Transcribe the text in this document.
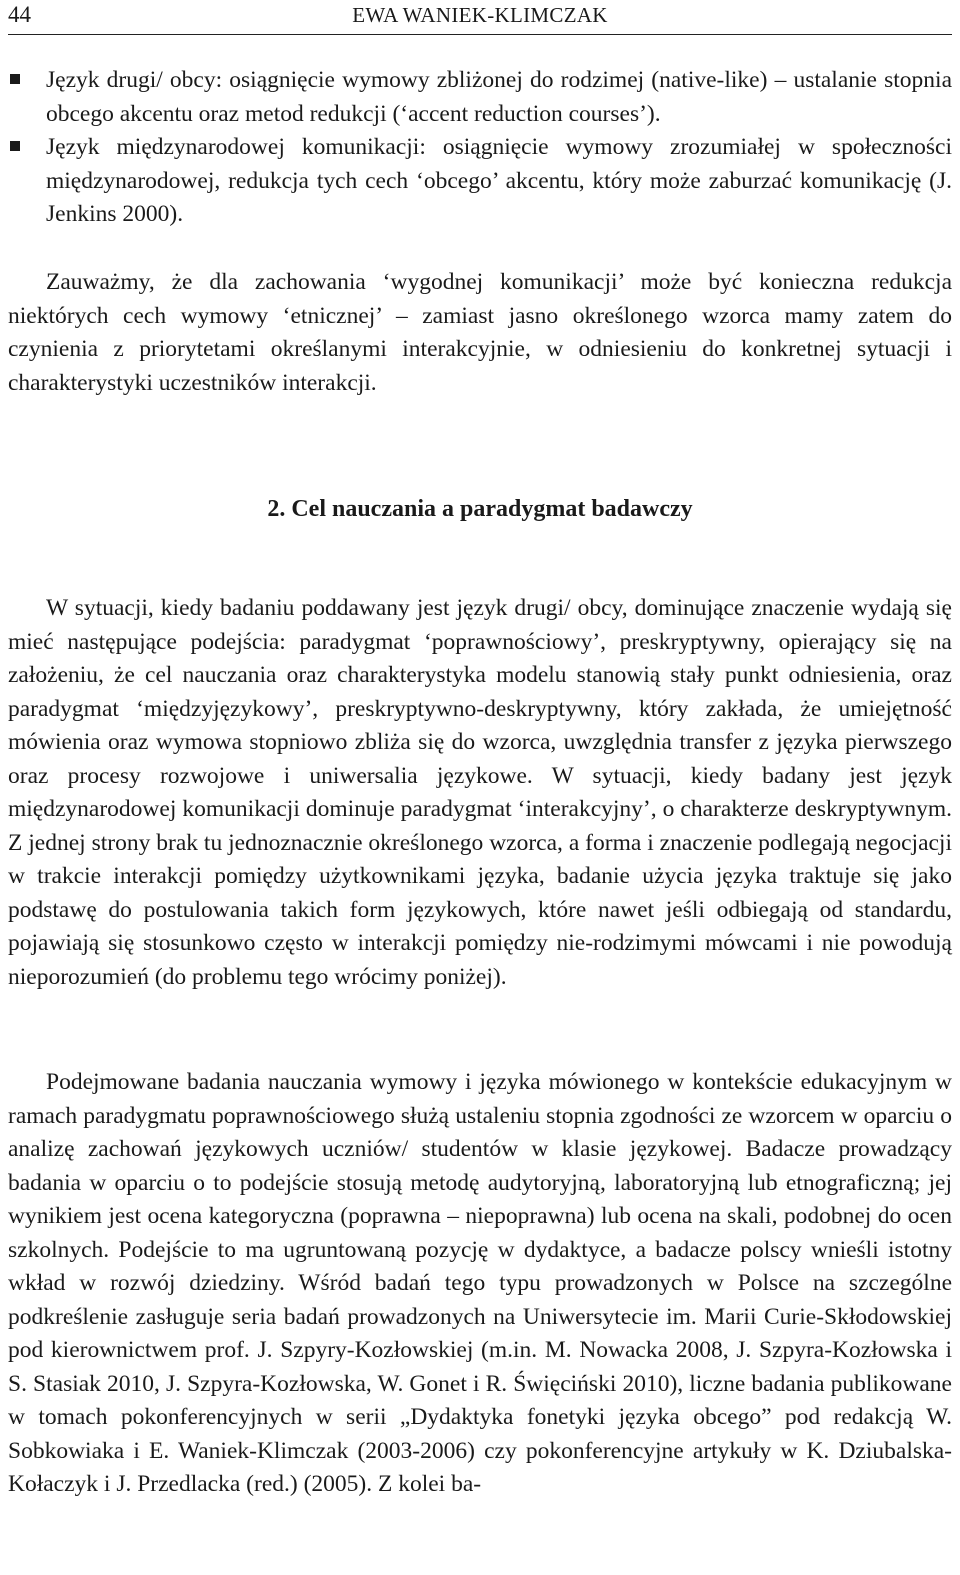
44	EWA WANIEK-KLIMCZAK
Język drugi/ obcy: osiągnięcie wymowy zbliżonej do rodzimej (native-like) – ustalanie stopnia obcego akcentu oraz metod redukcji (‘accent reduction courses’).
Język międzynarodowej komunikacji: osiągnięcie wymowy zrozumiałej w społeczności międzynarodowej, redukcja tych cech ‘obcego’ akcentu, który może zaburzać komunikację (J. Jenkins 2000).

Zauważmy, że dla zachowania ‘wygodnej komunikacji’ może być konieczna redukcja niektórych cech wymowy ‘etnicznej’ – zamiast jasno określonego wzorca mamy zatem do czynienia z priorytetami określanymi interakcyjnie, w odniesieniu do konkretnej sytuacji i charakterystyki uczestników interakcji.

2. Cel nauczania a paradygmat badawczy

W sytuacji, kiedy badaniu poddawany jest język drugi/ obcy, dominujące znaczenie wydają się mieć następujące podejścia: paradygmat ‘poprawnościowy’, preskryptywny, opierający się na założeniu, że cel nauczania oraz charakterystyka modelu stanowią stały punkt odniesienia, oraz paradygmat ‘międzyjęzykowy’, preskryptywno-deskryptywny, który zakłada, że umiejętność mówienia oraz wymowa stopniowo zbliża się do wzorca, uwzględnia transfer z języka pierwszego oraz procesy rozwojowe i uniwersalia językowe. W sytuacji, kiedy badany jest język międzynarodowej komunikacji dominuje paradygmat ‘interakcyjny’, o charakterze deskryptywnym. Z jednej strony brak tu jednoznacznie określonego wzorca, a forma i znaczenie podlegają negocjacji w trakcie interakcji pomiędzy użytkownikami języka, badanie użycia języka traktuje się jako podstawę do postulowania takich form językowych, które nawet jeśli odbiegają od standardu, pojawiają się stosunkowo często w interakcji pomiędzy nie-rodzimymi mówcami i nie powodują nieporozumień (do problemu tego wrócimy poniżej).

Podejmowane badania nauczania wymowy i języka mówionego w kontekście edukacyjnym w ramach paradygmatu poprawnościowego służą ustaleniu stopnia zgodności ze wzorcem w oparciu o analizę zachowań językowych uczniów/ studentów w klasie językowej. Badacze prowadzący badania w oparciu o to podejście stosują metodę audytoryjną, laboratoryjną lub etnograficzną; jej wynikiem jest ocena kategoryczna (poprawna – niepoprawna) lub ocena na skali, podobnej do ocen szkolnych. Podejście to ma ugruntowaną pozycję w dydaktyce, a badacze polscy wnieśli istotny wkład w rozwój dziedziny. Wśród badań tego typu prowadzonych w Polsce na szczególne podkreślenie zasługuje seria badań prowadzonych na Uniwersytecie im. Marii Curie-Skłodowskiej pod kierownictwem prof. J. Szpyry-Kozłowskiej (m.in. M. Nowacka 2008, J. Szpyra-Kozłowska i S. Stasiak 2010, J. Szpyra-Kozłowska, W. Gonet i R. Święciński 2010), liczne badania publikowane w tomach pokonferencyjnych w serii „Dydaktyka fonetyki języka obcego” pod redakcją W. Sobkowiaka i E. Waniek-Klimczak (2003-2006) czy pokonferencyjne artykuły w K. Dziubalska-Kołaczyk i J. Przedlacka (red.) (2005). Z kolei ba-
